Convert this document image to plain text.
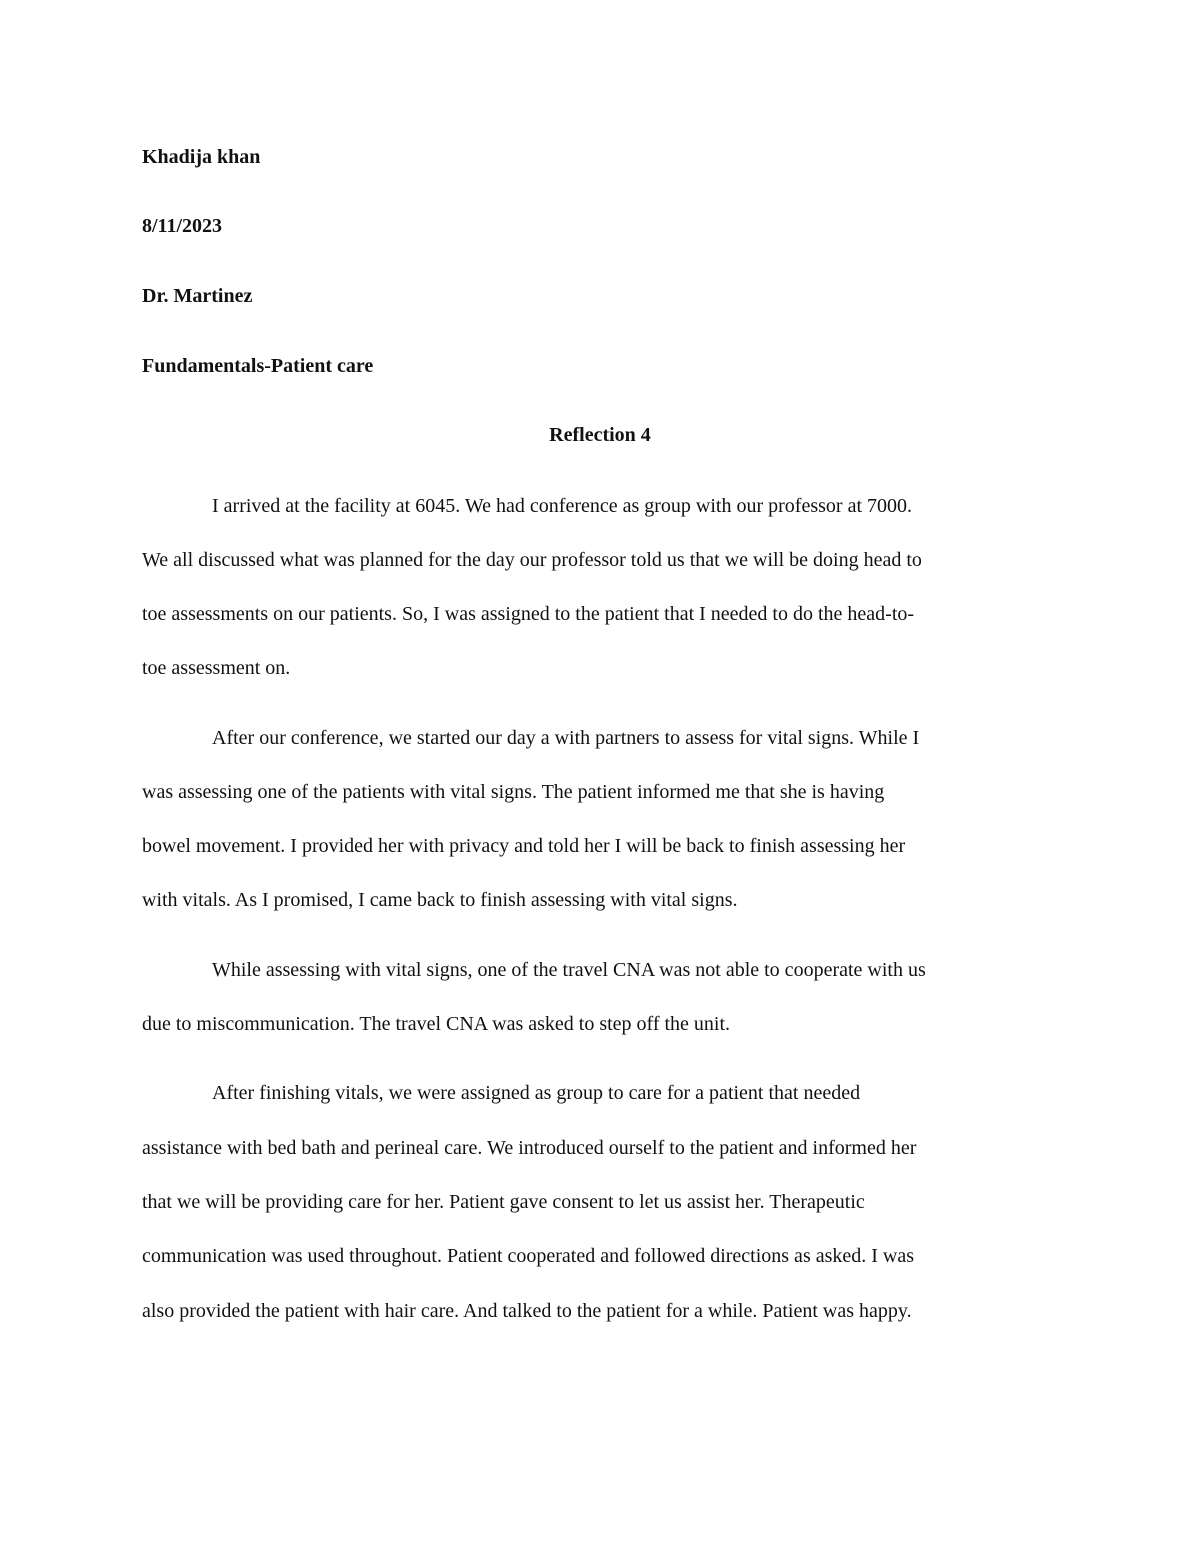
Khadija khan
8/11/2023
Dr. Martinez
Fundamentals-Patient care
Reflection 4
I arrived at the facility at 6045. We had conference as group with our professor at 7000.
We all discussed what was planned for the day our professor told us that we will be doing head to
toe assessments on our patients. So, I was assigned to the patient that I needed to do the head-to-
toe assessment on.
After our conference, we started our day a with partners to assess for vital signs. While I
was assessing one of the patients with vital signs. The patient informed me that she is having
bowel movement. I provided her with privacy and told her I will be back to finish assessing her
with vitals. As I promised, I came back to finish assessing with vital signs.
While assessing with vital signs, one of the travel CNA was not able to cooperate with us
due to miscommunication. The travel CNA was asked to step off the unit.
After finishing vitals, we were assigned as group to care for a patient that needed
assistance with bed bath and perineal care. We introduced ourself to the patient and informed her
that we will be providing care for her. Patient gave consent to let us assist her. Therapeutic
communication was used throughout. Patient cooperated and followed directions as asked. I was
also provided the patient with hair care. And talked to the patient for a while. Patient was happy.
